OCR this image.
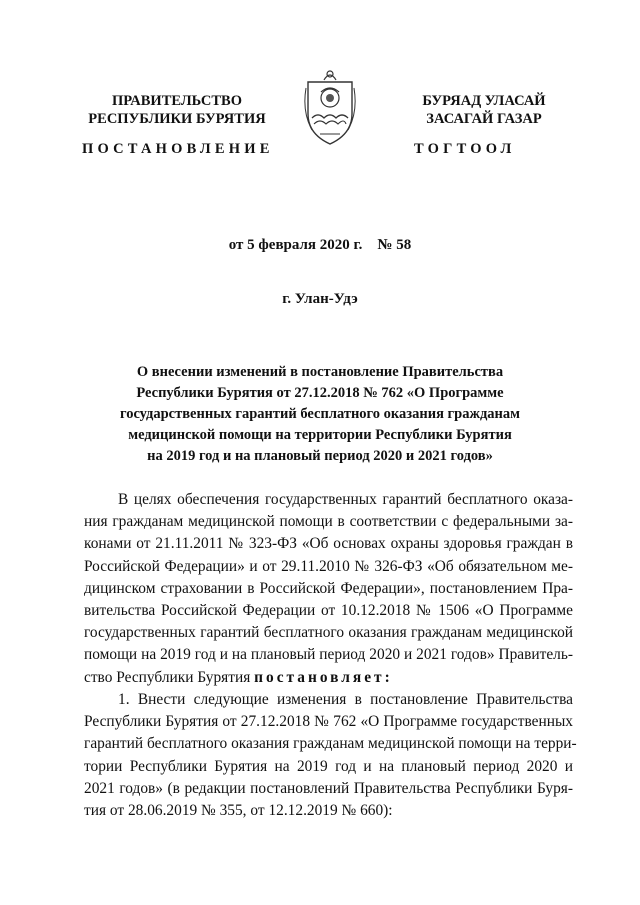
ПРАВИТЕЛЬСТВО
РЕСПУБЛИКИ БУРЯТИЯ
БУРЯАД УЛАСАЙ
ЗАСАГАЙ ГАЗАР
ПОСТАНОВЛЕНИЕ	ТОГТООЛ
от 5 февраля 2020 г.    № 58
г. Улан-Удэ
О внесении изменений в постановление Правительства
Республики Бурятия от 27.12.2018 № 762 «О Программе
государственных гарантий бесплатного оказания гражданам
медицинской помощи на территории Республики Бурятия
на 2019 год и на плановый период 2020 и 2021 годов»
В целях обеспечения государственных гарантий бесплатного оказа-
ния гражданам медицинской помощи в соответствии с федеральными за-
конами от 21.11.2011 № 323-ФЗ «Об основах охраны здоровья граждан в
Российской Федерации» и от 29.11.2010 № 326-ФЗ «Об обязательном ме-
дицинском страховании в Российской Федерации», постановлением Пра-
вительства Российской Федерации от 10.12.2018 № 1506 «О Программе
государственных гарантий бесплатного оказания гражданам медицинской
помощи на 2019 год и на плановый период 2020 и 2021 годов» Правитель-
ство Республики Бурятия постановляет:
1. Внести следующие изменения в постановление Правительства
Республики Бурятия от 27.12.2018 № 762 «О Программе государственных
гарантий бесплатного оказания гражданам медицинской помощи на терри-
тории Республики Бурятия на 2019 год и на плановый период 2020 и
2021 годов» (в редакции постановлений Правительства Республики Буря-
тия от 28.06.2019 № 355, от 12.12.2019 № 660):
